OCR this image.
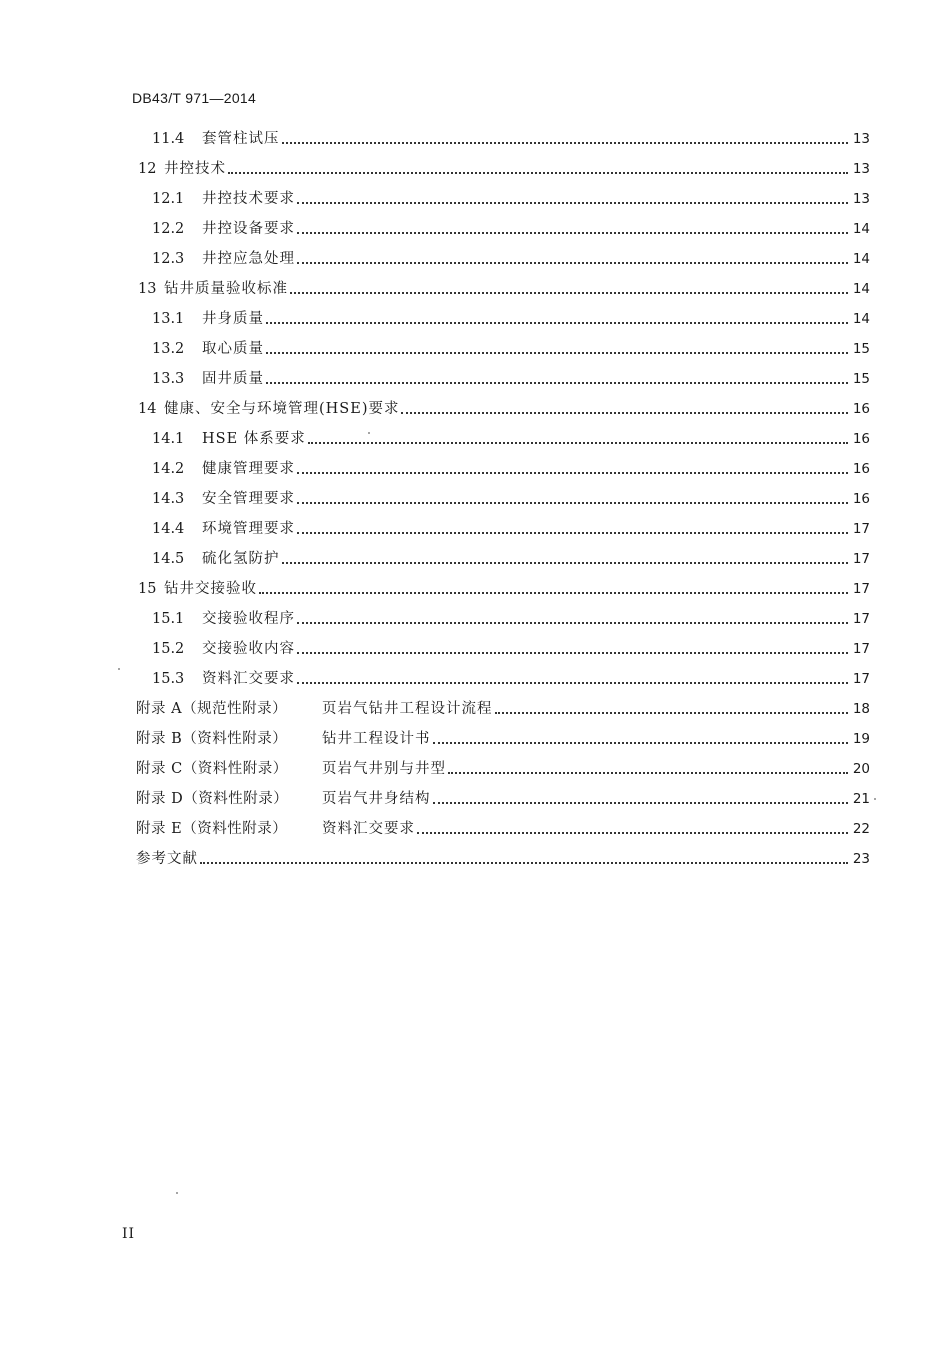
DB43/T 971—2014
11.4	套管柱试压	13
12 井控技术	13
12.1	井控技术要求	13
12.2	井控设备要求	14
12.3	井控应急处理	14
13 钻井质量验收标准	14
13.1	井身质量	14
13.2	取心质量	15
13.3	固井质量	15
14 健康、安全与环境管理(HSE)要求	16
14.1	HSE 体系要求	16
14.2	健康管理要求	16
14.3	安全管理要求	16
14.4	环境管理要求	17
14.5	硫化氢防护	17
15 钻井交接验收	17
15.1	交接验收程序	17
15.2	交接验收内容	17
15.3	资料汇交要求	17
附录 A（规范性附录）	页岩气钻井工程设计流程	18
附录 B（资料性附录）	钻井工程设计书	19
附录 C（资料性附录）	页岩气井别与井型	20
附录 D（资料性附录）	页岩气井身结构	21
附录 E（资料性附录）	资料汇交要求	22
参考文献	23
II
